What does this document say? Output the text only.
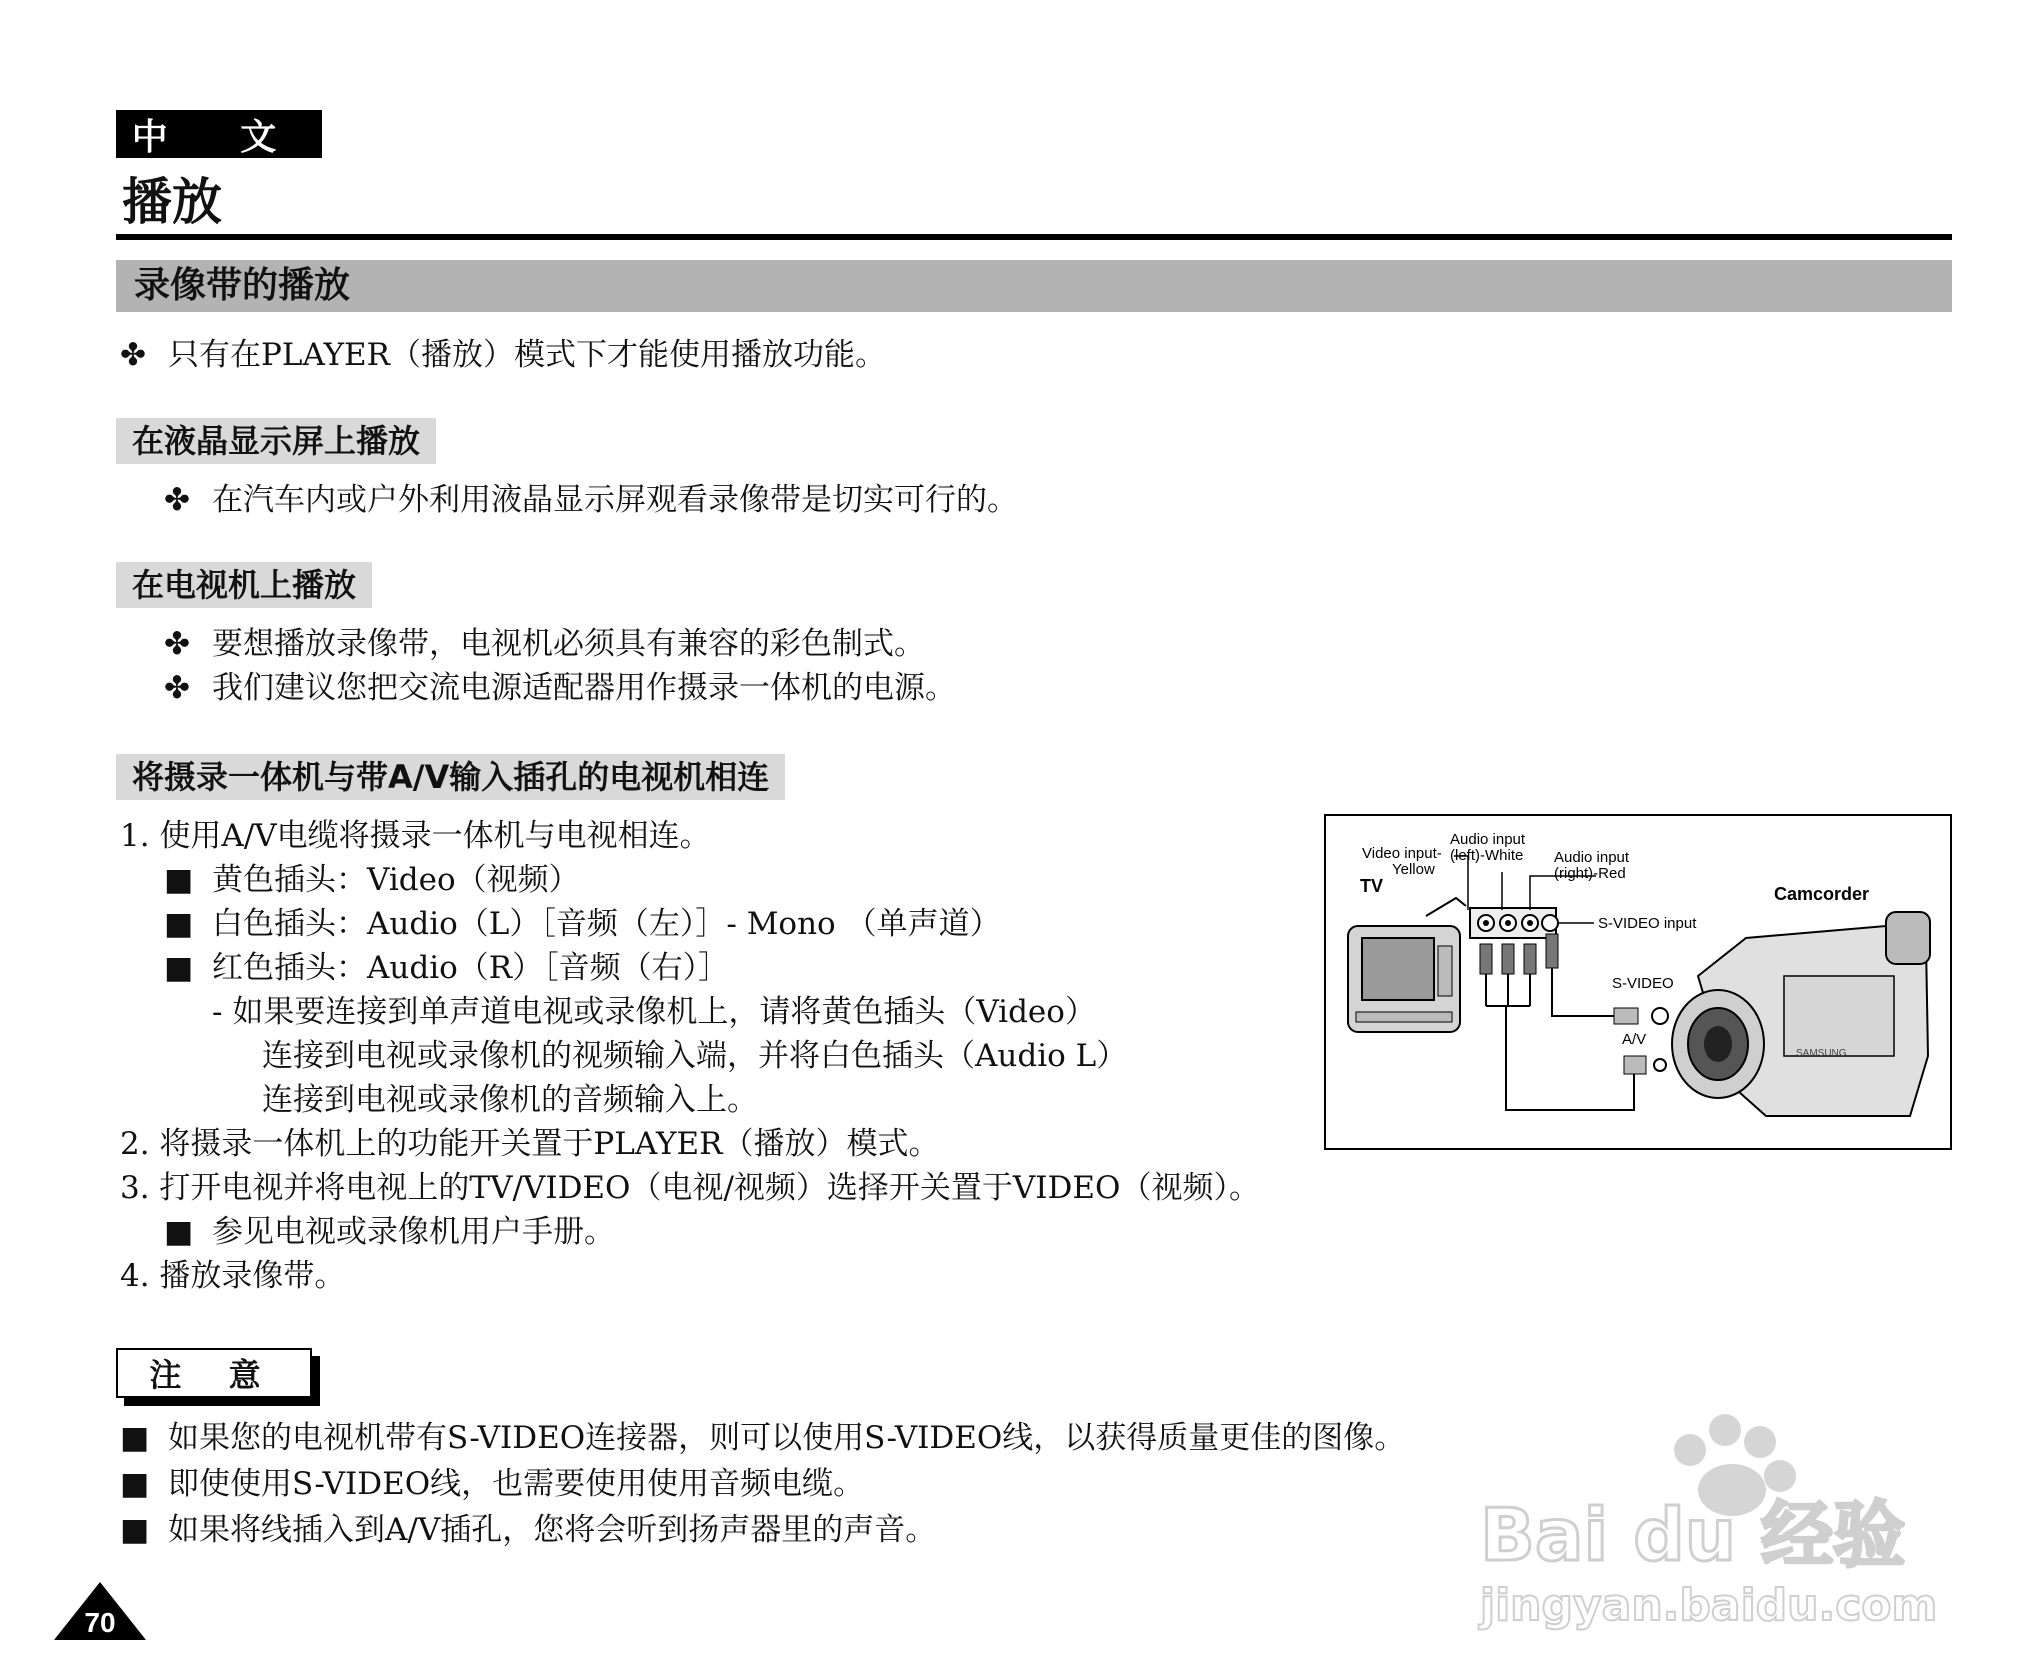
中 文
播放
录像带的播放
✤ 只有在PLAYER（播放）模式下才能使用播放功能。
在液晶显示屏上播放
✤ 在汽车内或户外利用液晶显示屏观看录像带是切实可行的。
在电视机上播放
✤ 要想播放录像带，电视机必须具有兼容的彩色制式。
✤ 我们建议您把交流电源适配器用作摄录一体机的电源。
将摄录一体机与带A/V输入插孔的电视机相连
1. 使用A/V电缆将摄录一体机与电视相连。
■ 黄色插头：Video（视频）
■ 白色插头：Audio（L）［音频（左）］- Mono （单声道）
■ 红色插头：Audio（R）［音频（右）］
- 如果要连接到单声道电视或录像机上，请将黄色插头（Video）
连接到电视或录像机的视频输入端，并将白色插头（Audio L）
连接到电视或录像机的音频输入上。
2. 将摄录一体机上的功能开关置于PLAYER（播放）模式。
3. 打开电视并将电视上的TV/VIDEO（电视/视频）选择开关置于VIDEO（视频）。
■ 参见电视或录像机用户手册。
4. 播放录像带。
SAMSUNG
Video input-
Yellow
TV
Audio input
(left)-White Audio input
(right)-Red
S-VIDEO input
Camcorder
S-VIDEO
A/V
注 意
■ 如果您的电视机带有S-VIDEO连接器，则可以使用S-VIDEO线，以获得质量更佳的图像。
■ 即使使用S-VIDEO线，也需要使用使用音频电缆。
■ 如果将线插入到A/V插孔，您将会听到扬声器里的声音。
70
Bai du 经验
jingyan.baidu.com
